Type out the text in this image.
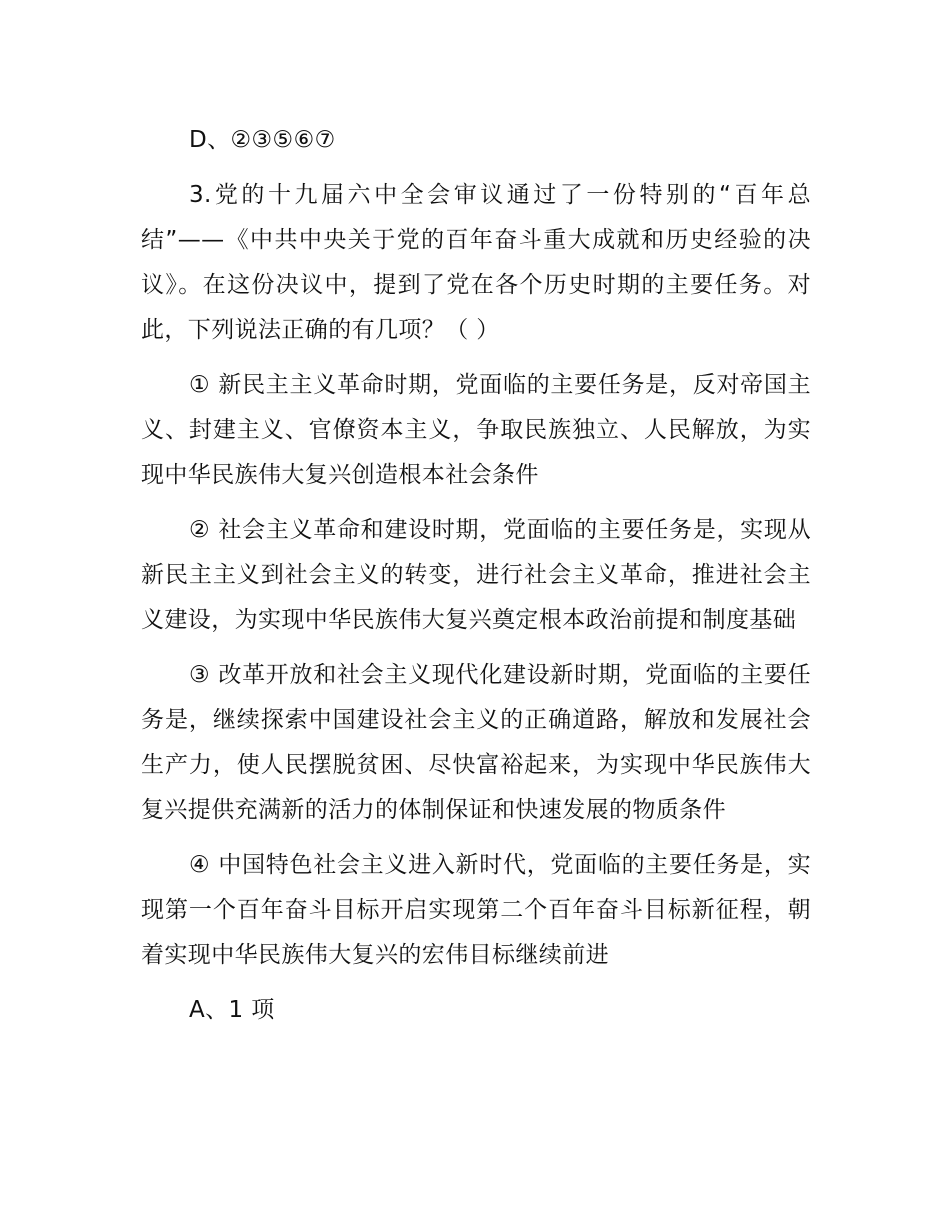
D、②③⑤⑥⑦

3.党的十九届六中全会审议通过了一份特别的“百年总结”——《中共中央关于党的百年奋斗重大成就和历史经验的决议》。在这份决议中，提到了党在各个历史时期的主要任务。对此，下列说法正确的有几项？（ ）

① 新民主主义革命时期，党面临的主要任务是，反对帝国主义、封建主义、官僚资本主义，争取民族独立、人民解放，为实现中华民族伟大复兴创造根本社会条件

② 社会主义革命和建设时期，党面临的主要任务是，实现从新民主主义到社会主义的转变，进行社会主义革命，推进社会主义建设，为实现中华民族伟大复兴奠定根本政治前提和制度基础

③ 改革开放和社会主义现代化建设新时期，党面临的主要任务是，继续探索中国建设社会主义的正确道路，解放和发展社会生产力，使人民摆脱贫困、尽快富裕起来，为实现中华民族伟大复兴提供充满新的活力的体制保证和快速发展的物质条件

④ 中国特色社会主义进入新时代，党面临的主要任务是，实现第一个百年奋斗目标开启实现第二个百年奋斗目标新征程，朝着实现中华民族伟大复兴的宏伟目标继续前进

A、1 项
